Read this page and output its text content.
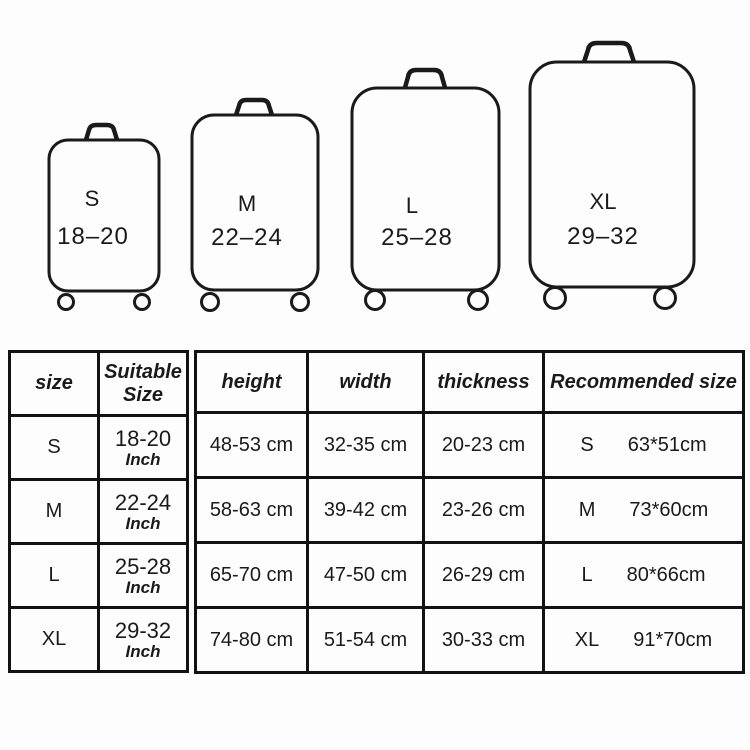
S
18–20
M
22–24
L
25–28
XL
29–32
size	Suitable Size
S	18-20
Inch

M	22-24
Inch

L	25-28
Inch

XL	29-32
Inch
height	width	thickness	Recommended size
48-53 cm	32-35 cm	20-23 cm	S 63*51cm

58-63 cm	39-42 cm	23-26 cm	M 73*60cm

65-70 cm	47-50 cm	26-29 cm	L 80*66cm

74-80 cm	51-54 cm	30-33 cm	XL 91*70cm
